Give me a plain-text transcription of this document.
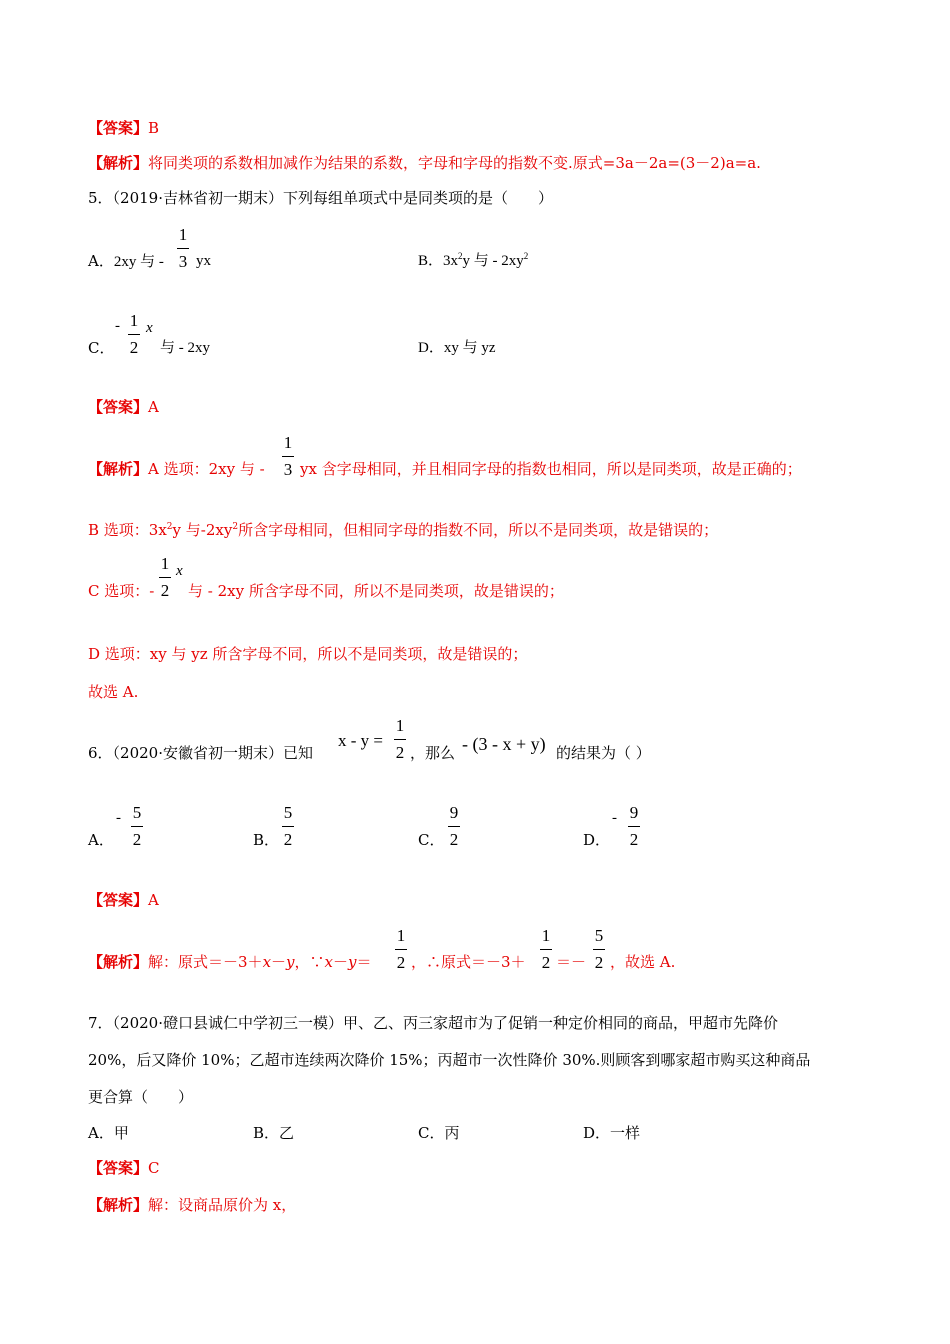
【答案】B
【解析】将同类项的系数相加减作为结果的系数，字母和字母的指数不变.原式=3a－2a=(3－2)a=a.
5．（2019·吉林省初一期末）下列每组单项式中是同类项的是（　　）
A．2xy 与 -
1
3 yx	B．$3x^2y$ 与 - $2xy^2$
C．
- 1
2
x
与 - 2xy	D．xy 与 yz
【答案】A
【解析】A 选项：2xy 与 -
1
3 yx 含字母相同，并且相同字母的指数也相同，所以是同类项，故是正确的；
B 选项：$3x^2y$ 与$-2xy^2$所含字母相同，但相同字母的指数不同，所以不是同类项，故是错误的；
C 选项：-
1
2
x
与 - 2xy 所含字母不同，所以不是同类项，故是错误的；
D 选项：xy 与 yz 所含字母不同，所以不是同类项，故是错误的；
故选 A.
6．（2020·安徽省初一期末）已知
x - y =
1
2 ，那么 - (3 - x + y) 的结果为（ ）
A．
- 5
2	B．
5
2	C．
9
2	D．
- 9
2
【答案】A
【解析】解：原式＝－3＋x－y，∵x－y＝
1
2 ，∴原式＝－3＋
1
2 ＝－
5
2 ，故选 A.
7．（2020·磴口县诚仁中学初三一模）甲、乙、丙三家超市为了促销一种定价相同的商品，甲超市先降价
20%，后又降价 10%；乙超市连续两次降价 15%；丙超市一次性降价 30%.则顾客到哪家超市购买这种商品
更合算（　　）
A．甲	B．乙	C．丙	D．一样
【答案】C
【解析】解：设商品原价为 x，
